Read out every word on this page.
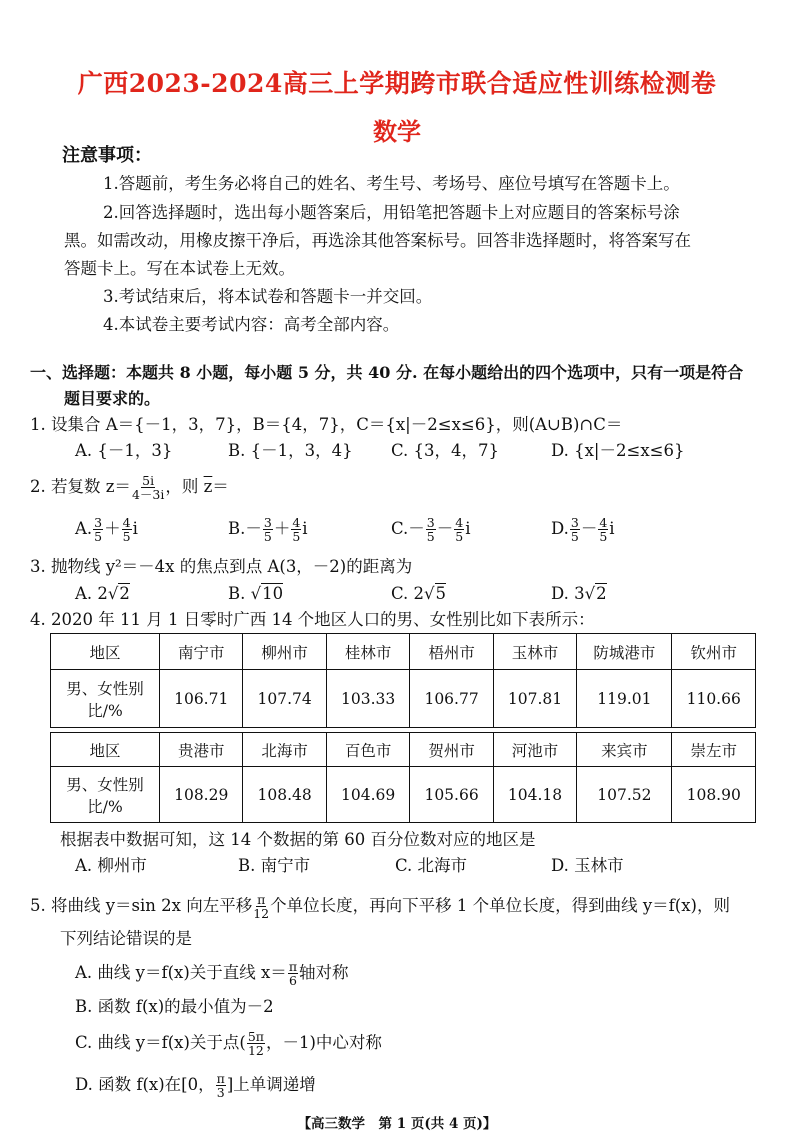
广西2023-2024高三上学期跨市联合适应性训练检测卷
数学
注意事项：
1.答题前，考生务必将自己的姓名、考生号、考场号、座位号填写在答题卡上。
2.回答选择题时，选出每小题答案后，用铅笔把答题卡上对应题目的答案标号涂
黑。如需改动，用橡皮擦干净后，再选涂其他答案标号。回答非选择题时，将答案写在
答题卡上。写在本试卷上无效。
3.考试结束后，将本试卷和答题卡一并交回。
4.本试卷主要考试内容：高考全部内容。
一、选择题：本题共 8 小题，每小题 5 分，共 40 分. 在每小题给出的四个选项中，只有一项是符合
题目要求的。
1. 设集合 A＝{－1，3，7}，B＝{4，7}，C＝{x|－2≤x≤6}，则(A∪B)∩C＝
A. {－1，3}	B. {－1，3，4} C. {3，4，7}	D. {x|－2≤x≤6}
2. 若复数 $z= \frac{5i}{4-3i}$ ，则 $\overline{z}=$
A. $\frac{3}{5} + \frac{4}{5}$ i	$B.- \frac{3}{5} + \frac{4}{5}$ i	$C.- \frac{3}{5} - \frac{4}{5}$ i	D. $\frac{3}{5} - \frac{4}{5}$ i
3. 抛物线 y²＝－4x 的焦点到点 A(3，－2)的距离为
A. 2√2	B. √10	C. 2√5	D. 3√2
4. 2020 年 11 月 1 日零时广西 14 个地区人口的男、女性别比如下表所示：
地区	南宁市	柳州市	桂林市	梧州市	玉林市	防城港市	钦州市

男、女性别
比/%	106.71	107.74	103.33	106.77	107.81	119.01	110.66

地区	贵港市	北海市	百色市	贺州市	河池市	来宾市	崇左市

男、女性别
比/%	108.29	108.48	104.69	105.66	104.18	107.52	108.90
根据表中数据可知，这 14 个数据的第 60 百分位数对应的地区是
A. 柳州市	B. 南宁市	C. 北海市	D. 玉林市
5. 将曲线 y＝sin 2x 向左平移 $\frac{\pi}{12}$ 个单位长度，再向下平移 1 个单位长度，得到曲线 y＝f(x)，则
下列结论错误的是
A. 曲线 y＝f(x)关于直线 $x= \frac{\pi}{6}$ 轴对称
B. 函数 f(x)的最小值为－2
C. 曲线 y＝f(x)关于点( $\frac{5\pi}{12}$ ，－1)中心对称
D. 函数 f(x)在[0， $\frac{\pi}{3}$ ]上单调递增
【高三数学　第 1 页(共 4 页)】
